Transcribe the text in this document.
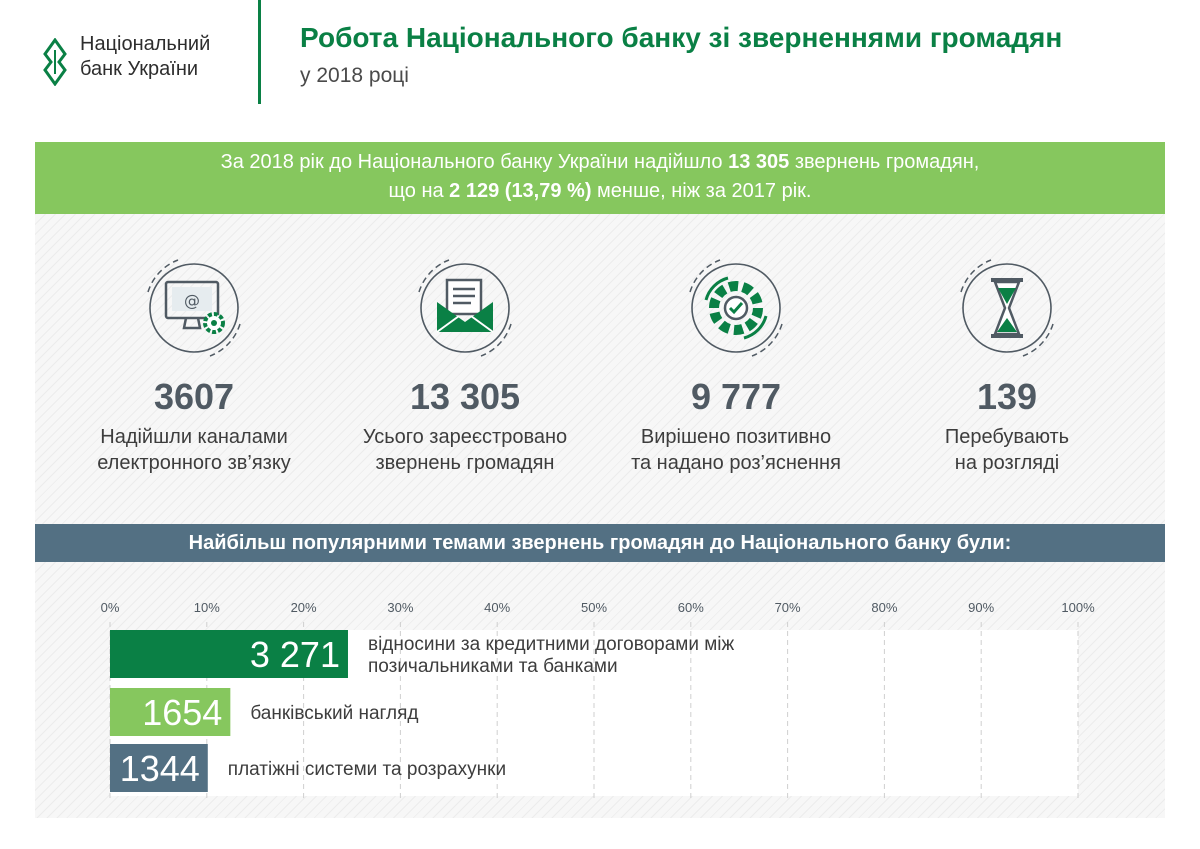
Національний
банк України
Робота Національного банку зі зверненнями громадян
у 2018 році
За 2018 рік до Національного банку України надійшло 13 305 звернень громадян,
що на 2 129 (13,79 %) менше, ніж за 2017 рік.
@
3607
Надійшли каналами
електронного зв’язку
13 305
Усього зареєстровано
звернень громадян
9 777
Вирішено позитивно
та надано роз’яснення
139
Перебувають
на розгляді
Найбільш популярними темами звернень громадян до Національного банку були:
0%	10%	20%	30%	40%	50%	60%	70%	80%	90%	100%
3 271 відносини за кредитними договорами між
позичальниками та банками
1654 банківський нагляд
1344 платіжні системи та розрахунки
